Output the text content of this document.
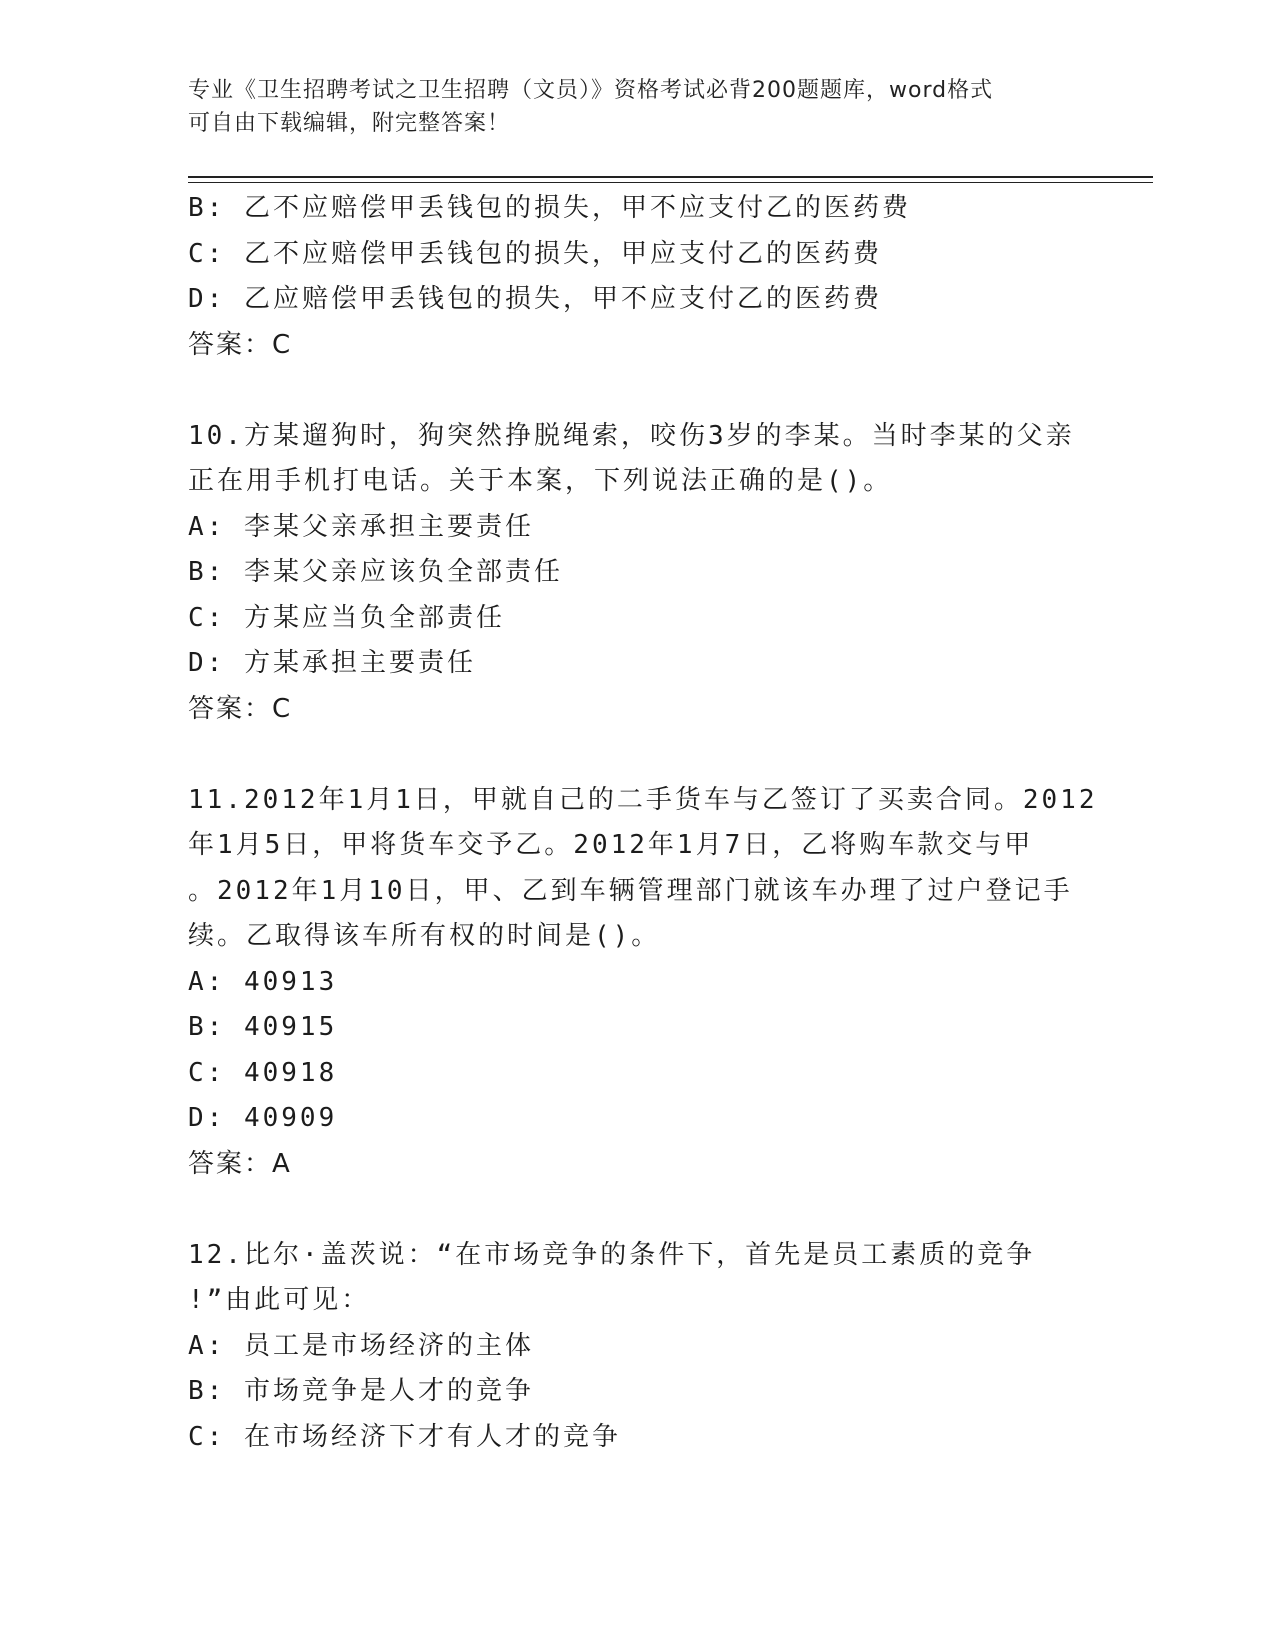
专业《卫生招聘考试之卫生招聘（文员）》资格考试必背200题题库，word格式
可自由下载编辑，附完整答案！
B: 乙不应赔偿甲丢钱包的损失，甲不应支付乙的医药费
C: 乙不应赔偿甲丢钱包的损失，甲应支付乙的医药费
D: 乙应赔偿甲丢钱包的损失，甲不应支付乙的医药费
答案：C
10.方某遛狗时，狗突然挣脱绳索，咬伤3岁的李某。当时李某的父亲
正在用手机打电话。关于本案，下列说法正确的是()。
A: 李某父亲承担主要责任
B: 李某父亲应该负全部责任
C: 方某应当负全部责任
D: 方某承担主要责任
答案：C
11.2012年1月1日，甲就自己的二手货车与乙签订了买卖合同。2012
年1月5日，甲将货车交予乙。2012年1月7日，乙将购车款交与甲
。2012年1月10日，甲、乙到车辆管理部门就该车办理了过户登记手
续。乙取得该车所有权的时间是()。
A: 40913
B: 40915
C: 40918
D: 40909
答案：A
12.比尔·盖茨说：“在市场竞争的条件下，首先是员工素质的竞争
!”由此可见：
A: 员工是市场经济的主体
B: 市场竞争是人才的竞争
C: 在市场经济下才有人才的竞争
